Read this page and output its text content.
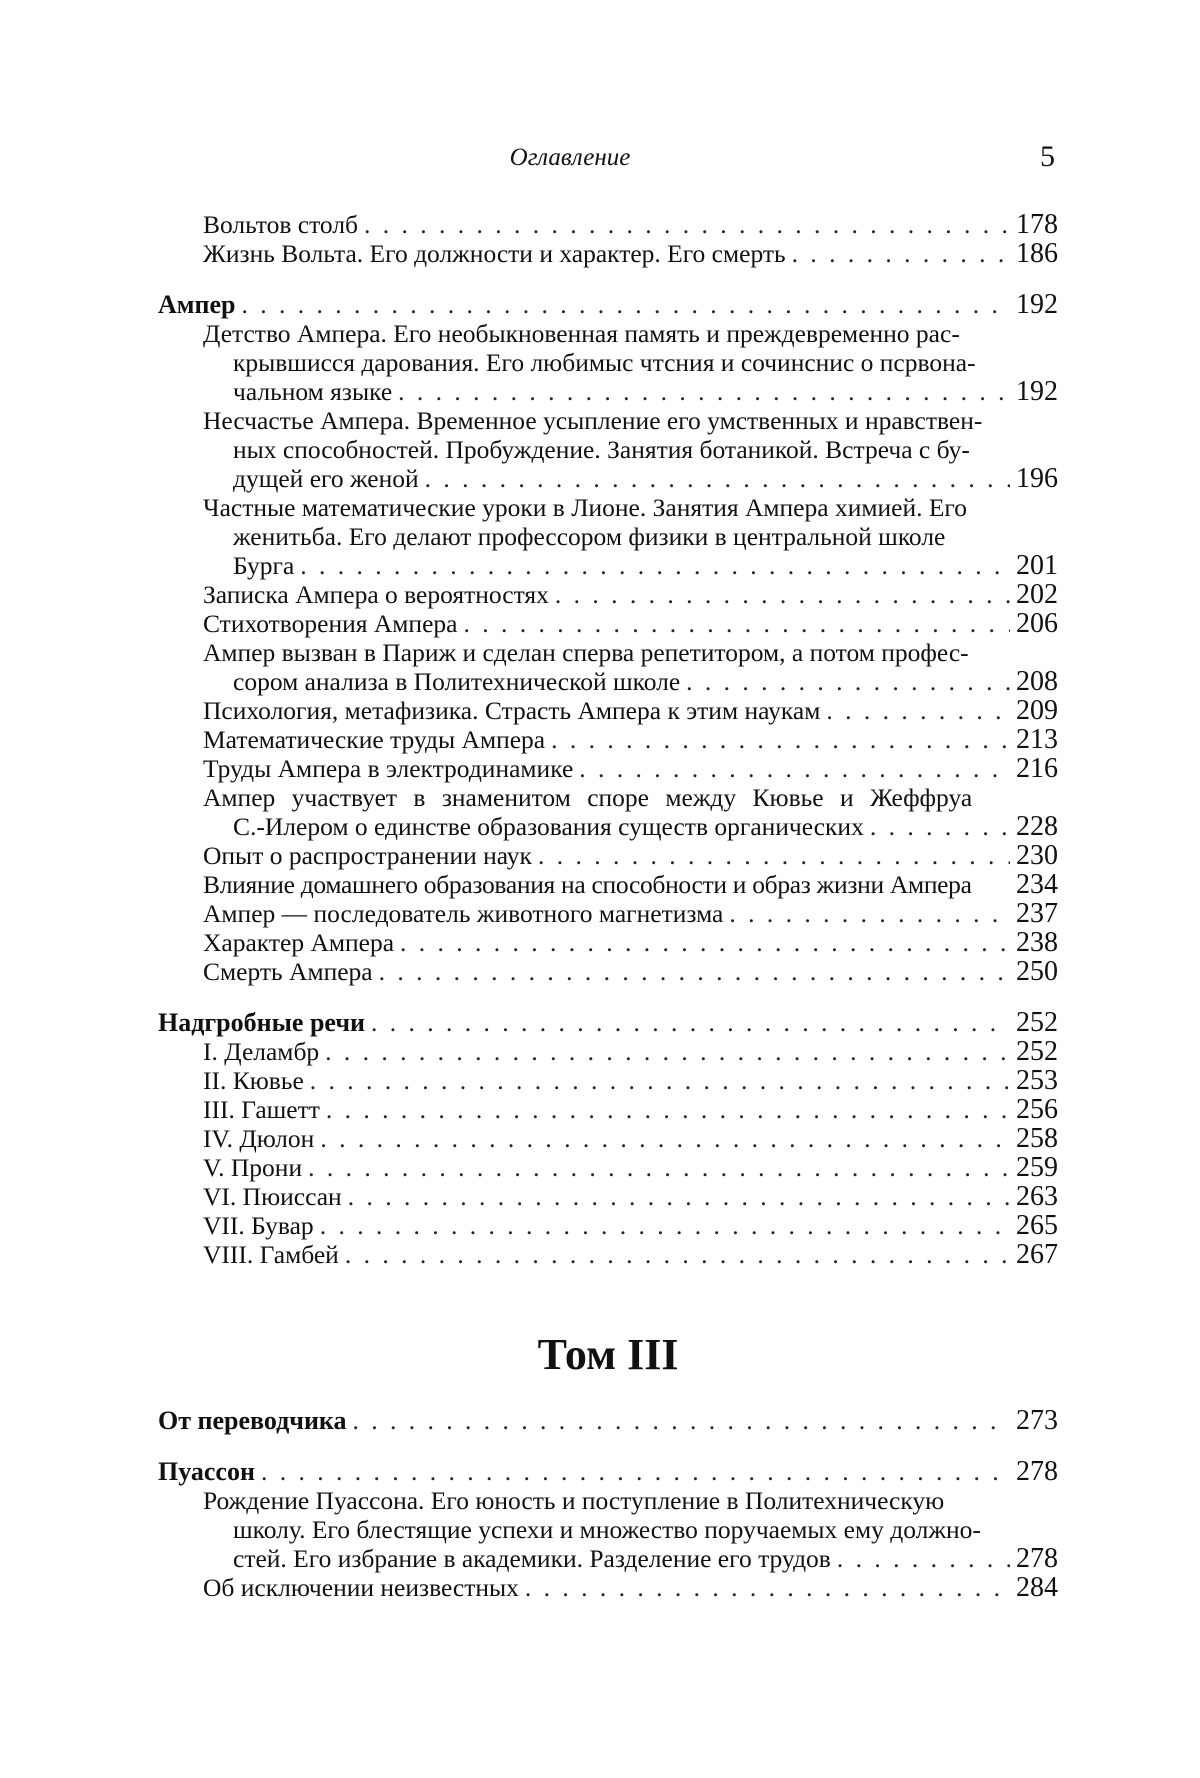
Оглавление	5
Вольтов столб . . .	178
Жизнь Вольта. Его должности и характер. Его смерть . . .	186
Ампер . . .	192
Детство Ампера. Его необыкновенная память и преждевременно рас-
крывшисся дарования. Его любимыс чтсния и сочинснис о псрвона-
чальном языке . . .	192
Несчастье Ампера. Временное усыпление его умственных и нравствен-
ных способностей. Пробуждение. Занятия ботаникой. Встреча с бу-
дущей его женой . . .	196
Частные математические уроки в Лионе. Занятия Ампера химией. Его
женитьба. Его делают профессором физики в центральной школе
Бурга . . .	201
Записка Ампера о вероятностях . . .	202
Стихотворения Ампера . . .	206
Ампер вызван в Париж и сделан сперва репетитором, а потом профес-
сором анализа в Политехнической школе . . .	208
Психология, метафизика. Страсть Ампера к этим наукам . . .	209
Математические труды Ампера . . .	213
Труды Ампера в электродинамике . . .	216
Ампер участвует в знаменитом споре между Кювье и Жеффруа
С.-Илером о единстве образования существ органических . . .	228
Опыт о распространении наук . . .	230
Влияние домашнего образования на способности и образ жизни Ампера 234
Ампер — последователь животного магнетизма . . .	237
Характер Ампера . . .	238
Смерть Ампера . . .	250
Надгробные речи . . .	252
I. Деламбр . . .	252
II. Кювье . . .	253
III. Гашетт . . .	256
IV. Дюлон . . .	258
V. Прони . . .	259
VI. Пюиссан . . .	263
VII. Бувар . . .	265
VIII. Гамбей . . .	267
Том III
От переводчика . . .	273
Пуассон . . .	278
Рождение Пуассона. Его юность и поступление в Политехническую
школу. Его блестящие успехи и множество поручаемых ему должно-
стей. Его избрание в академики. Разделение его трудов . . .	278
Об исключении неизвестных . . .	284
